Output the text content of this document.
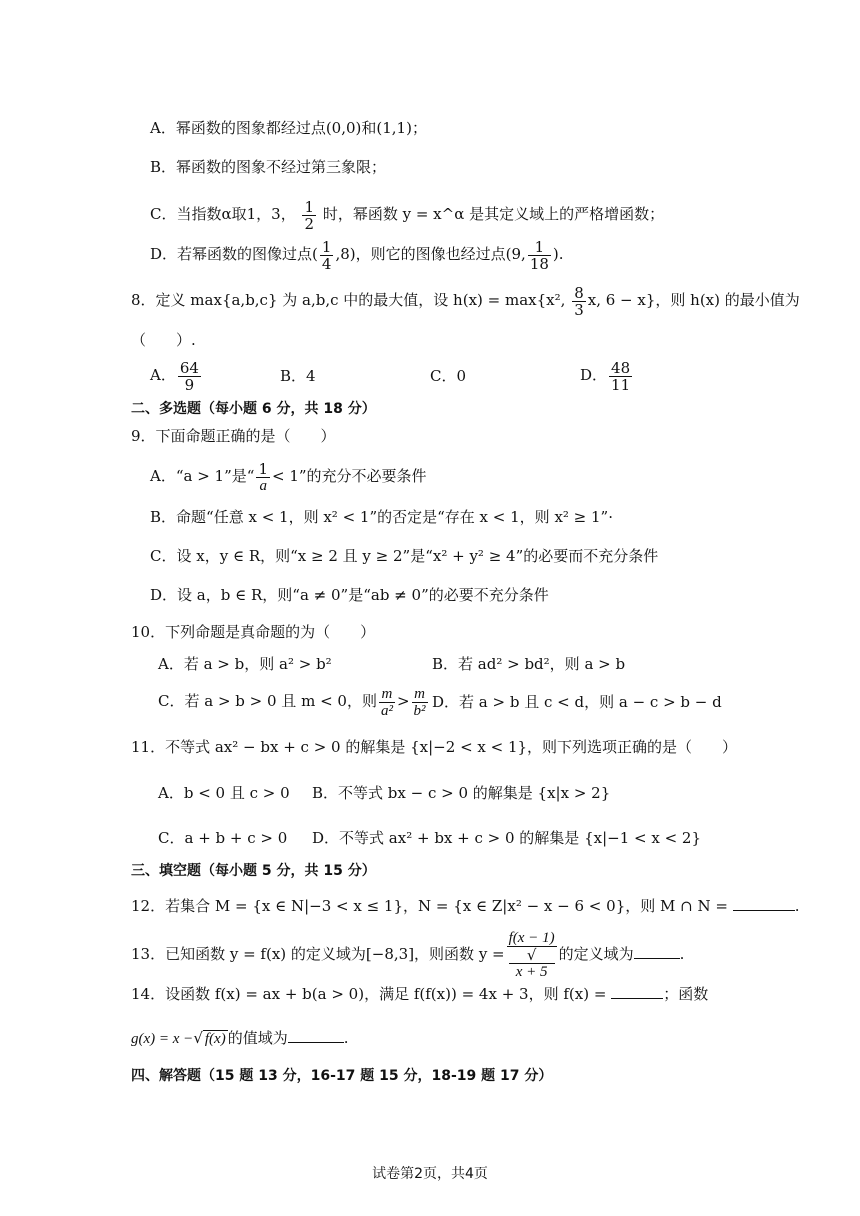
A．幂函数的图象都经过点(0,0)和(1,1)；
B．幂函数的图象不经过第三象限；
C．当指数α取1，3， $\frac{1}{2}$ 时，幂函数 y = x^α 是其定义域上的严格增函数；
D．若幂函数的图像过点( $\frac{1}{4} ,8$)，则它的图像也经过点(9, $\frac{1}{18}$ ).
8．定义 max{a,b,c} 为 a,b,c 中的最大值，设 h(x) = max{x², $\frac{8}{3} x$, 6 − x}，则 h(x) 的最小值为
（　　）.
A． $\frac{64}{9}$	B．4	C．0	D． $\frac{48}{11}$
二、多选题（每小题 6 分，共 18 分）
9．下面命题正确的是（　　）
A．“a > 1”是“ $\frac{1}{a} < 1$”的充分不必要条件
B．命题“任意 x < 1，则 x² < 1”的否定是“存在 x < 1，则 x² ≥ 1”·
C．设 x，y ∈ R，则“x ≥ 2 且 y ≥ 2”是“x² + y² ≥ 4”的必要而不充分条件
D．设 a，b ∈ R，则“a ≠ 0”是“ab ≠ 0”的必要不充分条件
10．下列命题是真命题的为（　　）
A．若 a > b，则 a² > b²	B．若 ad² > bd²，则 a > b
C．若 a > b > 0 且 m < 0，则 $\frac{m}{\text{a²}} > \frac{m}{\text{b²}}$ D．若 a > b 且 c < d，则 a − c > b − d
11．不等式 ax² − bx + c > 0 的解集是 {x|−2 < x < 1}，则下列选项正确的是（　　）
A．b < 0 且 c > 0 B．不等式 bx − c > 0 的解集是 {x|x > 2}
C．a + b + c > 0 D．不等式 ax² + bx + c > 0 的解集是 {x|−1 < x < 2}
三、填空题（每小题 5 分，共 15 分）
12．若集合 M = {x ∈ N|−3 < x ≤ 1}，N = {x ∈ Z|x² − x − 6 < 0}，则 M ∩ N =	.
13．已知函数 y = f(x) 的定义域为[−8,3]，则函数 y = f(x − 1)
√
x + 5 的定义域为	.
14．设函数 f(x) = ax + b(a > 0)，满足 f(f(x)) = 4x + 3，则 f(x) =	；函数
g(x) = x −√ f(x) 的值域为	.
四、解答题（15 题 13 分，16-17 题 15 分，18-19 题 17 分）
试卷第2页，共4页
